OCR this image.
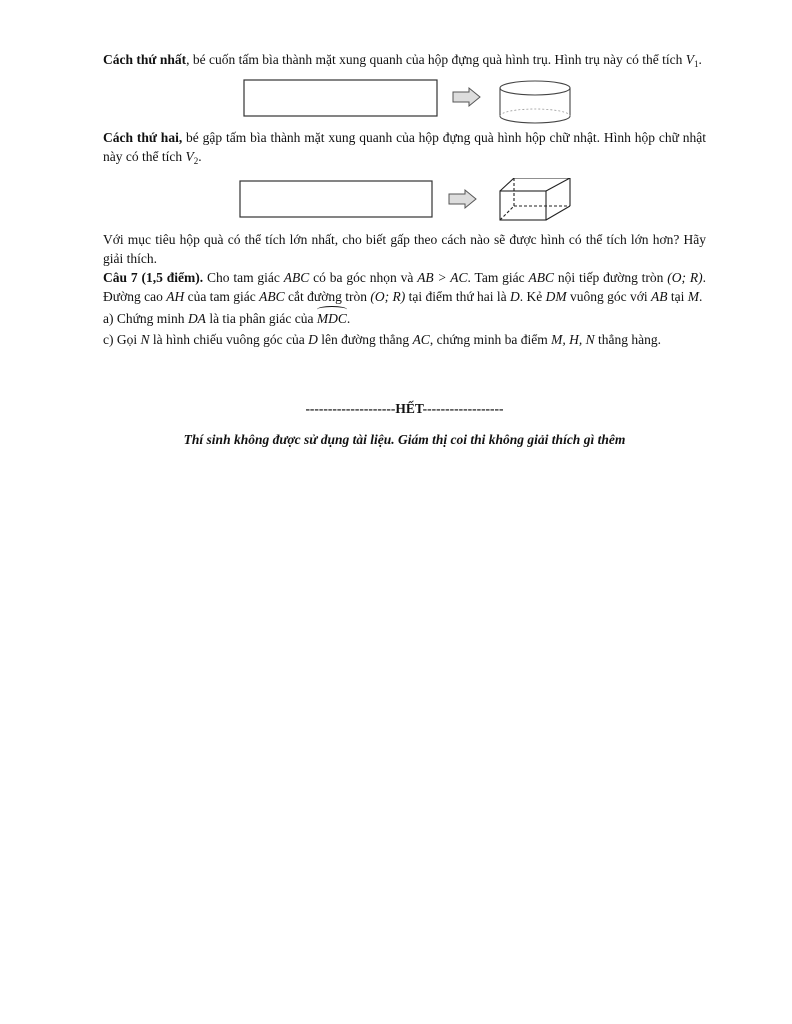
Cách thứ nhất, bé cuốn tấm bìa thành mặt xung quanh của hộp đựng quà hình trụ. Hình trụ này có thể tích $V_1$.

Cách thứ hai, bé gập tấm bìa thành mặt xung quanh của hộp đựng quà hình hộp chữ nhật. Hình hộp chữ nhật này có thể tích $V_2$.

Với mục tiêu hộp quà có thể tích lớn nhất, cho biết gấp theo cách nào sẽ được hình có thể tích lớn hơn? Hãy giải thích.

Câu 7 (1,5 điểm). Cho tam giác ABC có ba góc nhọn và AB > AC. Tam giác ABC nội tiếp đường tròn (O; R). Đường cao AH của tam giác ABC cắt đường tròn (O; R) tại điểm thứ hai là D. Kẻ DM vuông góc với AB tại M.

a) Chứng minh DA là tia phân giác của MDC.

c) Gọi N là hình chiếu vuông góc của D lên đường thẳng AC, chứng minh ba điểm M, H, N thẳng hàng.

--------------------HẾT------------------

Thí sinh không được sử dụng tài liệu. Giám thị coi thi không giải thích gì thêm
